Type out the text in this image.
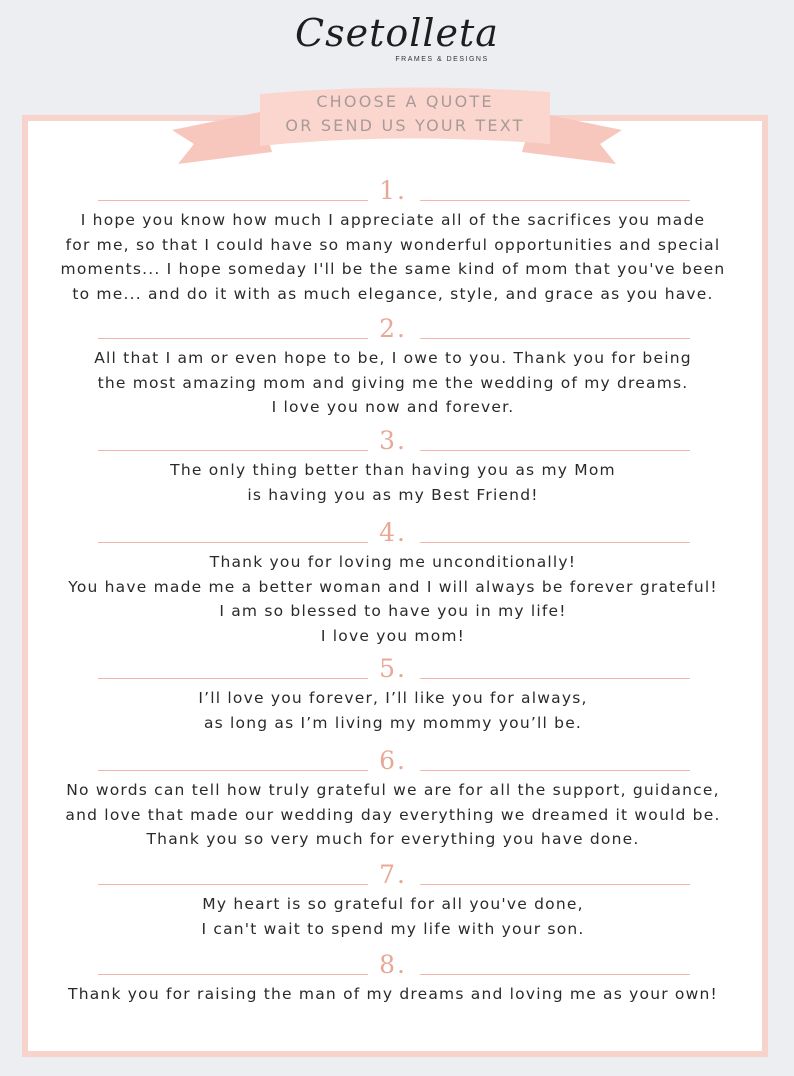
Csetolleta
FRAMES & DESIGNS
CHOOSE A QUOTE
OR SEND US YOUR TEXT
1.
I hope you know how much I appreciate all of the sacrifices you made
for me, so that I could have so many wonderful opportunities and special
moments... I hope someday I'll be the same kind of mom that you've been
to me... and do it with as much elegance, style, and grace as you have.
2.
All that I am or even hope to be, I owe to you. Thank you for being
the most amazing mom and giving me the wedding of my dreams.
I love you now and forever.
3.
The only thing better than having you as my Mom
is having you as my Best Friend!
4.
Thank you for loving me unconditionally!
You have made me a better woman and I will always be forever grateful!
I am so blessed to have you in my life!
I love you mom!
5.
I’ll love you forever, I’ll like you for always,
as long as I’m living my mommy you’ll be.
6.
No words can tell how truly grateful we are for all the support, guidance,
and love that made our wedding day everything we dreamed it would be.
Thank you so very much for everything you have done.
7.
My heart is so grateful for all you've done,
I can't wait to spend my life with your son.
8.
Thank you for raising the man of my dreams and loving me as your own!
